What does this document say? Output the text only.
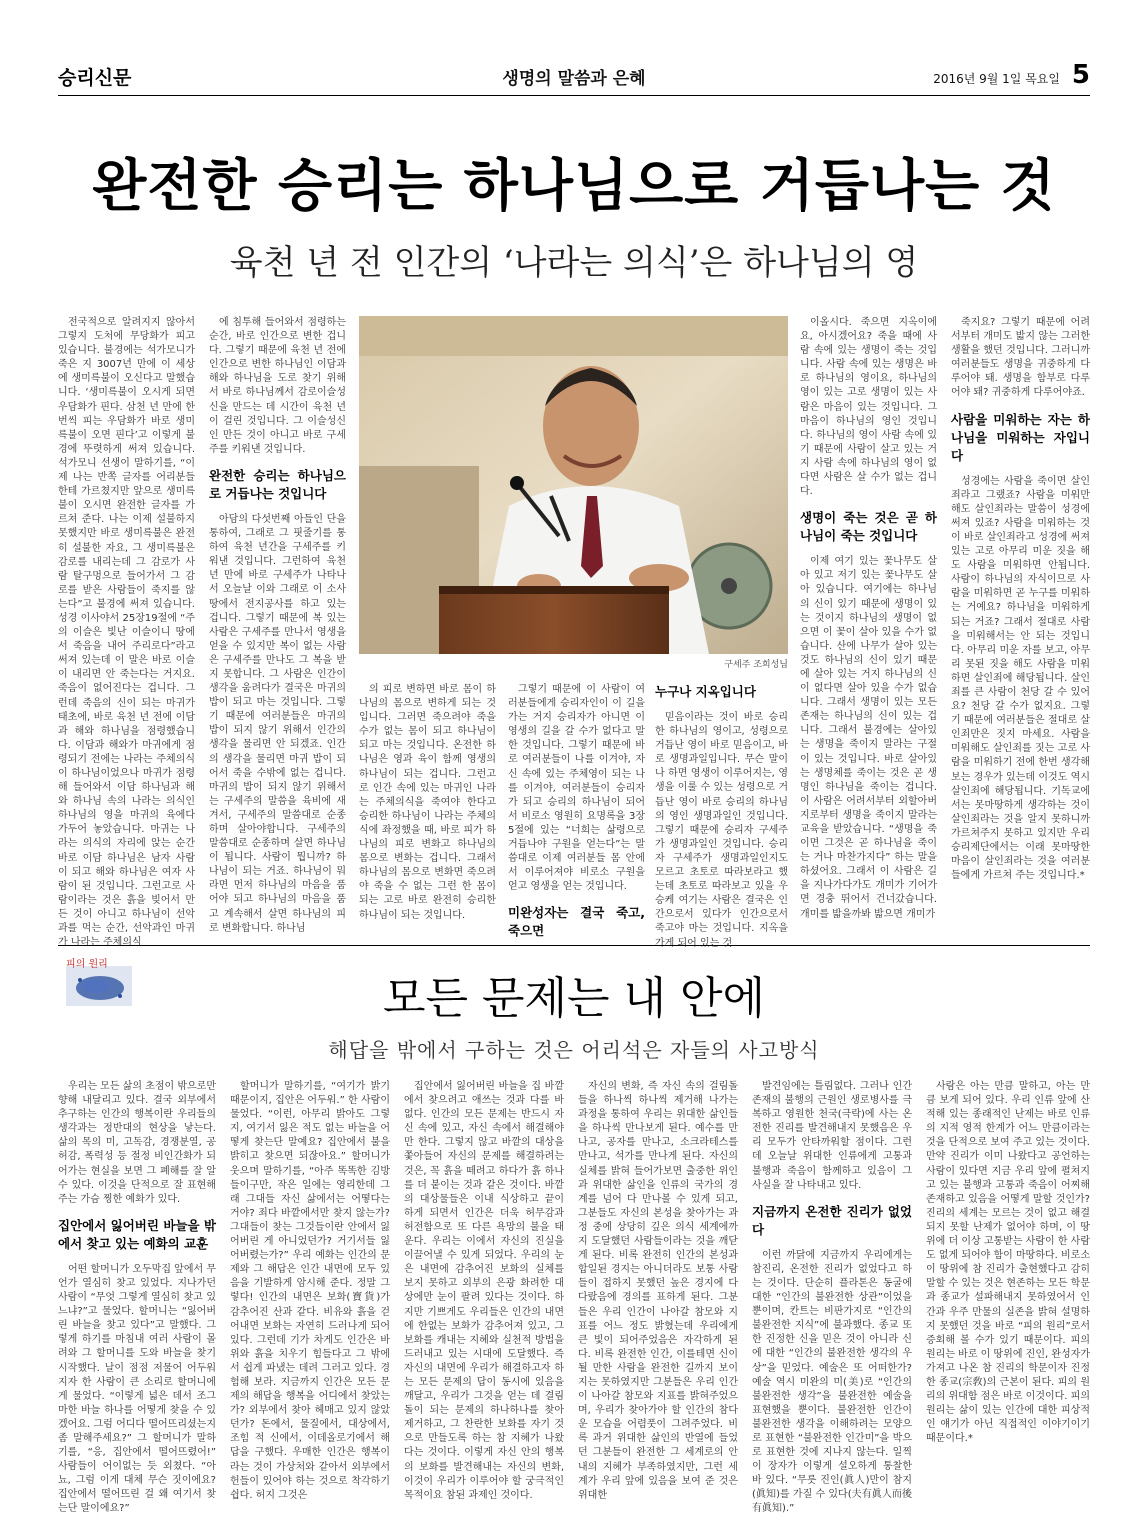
승리신문	생명의 말씀과 은혜	2016년 9월 1일 목요일 5
완전한 승리는 하나님으로 거듭나는 것
육천 년 전 인간의 ‘나라는 의식’은 하나님의 영

전국적으로 알려지지 않아서 그렇지 도처에 무당화가 피고 있습니다. 불경에는 석가모니가 죽은 지 3007년 만에 이 세상에 생미륵불이 오신다고 말했습니다. ‘생미륵불이 오시게 되면 우담화가 핀다. 삼천 년 만에 한 번씩 피는 우담화가 바로 생미륵불이 오면 핀다’고 이렇게 불경에 뚜렷하게 써져 있습니다. 석가모니 선생이 말하기를, “이제 나는 반쪽 글자를 어리분들한테 가르쳤지만 앞으로 생미륵불이 오시면 완전한 글자를 가르쳐 준다. 나는 이제 설불하지 못했지만 바로 생미륵불은 완전히 설불한 자요, 그 생미륵불은 감로를 내리는데 그 감로가 사람 탈구멍으로 들어가서 그 감로를 받은 사람들이 죽지를 않는다”고 불경에 써져 있습니다. 성경 이사야서 25장19절에 “주의 이슬은 빛난 이슬이니 땅에서 죽음을 내어 주리로다”라고 써져 있는데 이 말은 바로 이슬이 내리면 안 죽는다는 거지요. 죽음이 없어진다는 겁니다. 그런데 죽음의 신이 되는 마귀가 태초에, 바로 육천 년 전에 이담과 해와 하나님을 점령했습니다. 이담과 해와가 마귀에게 점령되기 전에는 나라는 주체의식이 하나님이었으나 마귀가 점령해 들어와서 이담 하나님과 해와 하나님 속의 나라는 의식인 하나님의 영을 마귀의 육에다 가두어 놓았습니다. 마귀는 나라는 의식의 자리에 앉는 순간 바로 이담 하나님은 남자 사람이 되고 해와 하나님은 여자 사람이 된 것입니다. 그런고로 사람이라는 것은 흙을 빚어서 만든 것이 아니고 하나님이 선악과를 먹는 순간, 선악과인 마귀가 나라는 주체의식

에 침투해 들어와서 점령하는 순간, 바로 인간으로 변한 겁니다. 그렇기 때문에 육천 년 전에 인간으로 변한 하나님인 이담과 해와 하나님을 도로 찾기 위해서 바로 하나님께서 감로이슬성신을 만드는 데 시간이 육천 년이 걸린 것입니다. 그 이슬성신인 만든 것이 아니고 바로 구세주를 키워낸 것입니다.

완전한 승리는 하나님으로 거듭나는 것입니다

아담의 다섯번째 아들인 단을 통하여, 그래로 그 핏줄기를 통하여 육천 년간을 구세주를 키워낸 것입니다. 그런하여 육천 년 만에 바로 구세주가 나타나서 오늘날 이와 그래로 이 소사 땅에서 전지공사를 하고 있는 겁니다. 그렇기 때문에 복 있는 사람은 구세주를 만나서 영생을 얻을 수 있지만 복이 없는 사람은 구세주를 만나도 그 복을 받지 못합니다. 그 사람은 인간이 생각을 움려다가 결국은 마귀의 밥이 되고 마는 것입니다. 그렇기 때문에 여러분들은 마귀의 밥이 되지 않기 위해서 인간의 생각을 물리면 안 되겠죠. 인간의 생각을 물리면 마귀 밥이 되어서 죽을 수밖에 없는 겁니다. 마귀의 밥이 되지 않기 위해서는 구세주의 말씀을 육비에 새겨서, 구세주의 말씀대로 순종하며 살아야합니다. 구세주의 말씀대로 순종하며 살면 하나님이 됩니다. 사람이 뭡니까? 하나님이 되는 거죠. 하나님이 뭐라면 먼저 하나님의 마음을 품어야 되고 하나님의 마음을 품고 계속해서 살면 하나님의 피로 변화합니다. 하나님

구세주 조희성님

의 피로 변하면 바로 몸이 하나님의 몸으로 변하게 되는 것입니다. 그러면 죽으려야 죽을 수가 없는 몸이 되고 하나님이 되고 마는 것입니다. 온전한 하나님은 영과 육이 함께 영생의 하나님이 되는 겁니다. 그런고로 인간 속에 있는 마귀인 나라는 주체의식을 죽여야 한다고 승리한 하나님이 나라는 주체의식에 좌정했을 때, 바로 피가 하나님의 피로 변화고 하나님의 몸으로 변화는 겁니다. 그래서 하나님의 몸으로 변화면 죽으려야 죽을 수 없는 그런 한 몸이 되는 고로 바로 완전히 승리한 하나님이 되는 것입니다.

그렇기 때문에 이 사람이 여러분들에게 승리자인이 이 길을 가는 거지 승리자가 아니면 이 영생의 길을 갈 수가 없다고 말한 것입니다. 그렇기 때문에 바로 여러분들이 나를 이겨야, 자신 속에 있는 주체영이 되는 나를 이겨야, 여러분들이 승리자가 되고 승리의 하나님이 되어서 비로소 영원히 요명록을 3장 5절에 있는 “너희는 삶령으로 거듭나야 구원을 얻는다”는 말씀대로 이제 여러분들 몸 안에서 이루어져야 비로소 구원을 얻고 영생을 얻는 것입니다.

미완성자는 결국 죽고, 죽으면
누구나 지옥입니다

믿음이라는 것이 바로 승리한 하나님의 영이고, 성령으로 거듭난 영이 바로 믿음이고, 바로 생명과일입니다. 무슨 말이나 하면 영생이 이루어지는, 영생을 이룰 수 있는 성령으로 거듭난 영이 바로 승리의 하나님의 영인 생명과일인 것입니다. 그렇기 때문에 승리자 구세주가 생명과일인 것입니다. 승리자 구세주가 생명과일인지도 모르고 초토로 따라보라고 했는데 초토로 따라보고 있을 우승케 여기는 사람은 결국은 인간으로서 있다가 인간으로서 죽고야 마는 것입니다. 지옥을 가게 되어 있는 것

이올시다. 죽으면 지옥이에요, 아시겠어요? 죽을 때에 사람 속에 있는 생명이 죽는 것입니다. 사람 속에 있는 생명은 바로 하나님의 영이요, 하나님의 영이 있는 고로 생명이 있는 사람은 마음이 있는 것입니다. 그 마음이 하나님의 영인 것입니다. 하나님의 영이 사람 속에 있기 때문에 사람이 살고 있는 거지 사람 속에 하나님의 영이 없다면 사람은 살 수가 없는 겁니다.

생명이 죽는 것은 곧 하나님이 죽는 것입니다

이제 여기 있는 꽃나무도 살아 있고 저기 있는 꽃나무도 살아 있습니다. 여기에는 하나님의 신이 있기 때문에 생명이 있는 것이지 하나님의 생명이 없으면 이 꽃이 살아 있을 수가 없습니다. 산에 나무가 살아 있는 것도 하나님의 신이 있기 때문에 살아 있는 거지 하나님의 신이 없다면 살아 있을 수가 없습니다. 그래서 생명이 있는 모든 존재는 하나님의 신이 있는 겁니다. 그래서 불경에는 살아있는 생명을 죽이지 말라는 구절이 있는 것입니다. 바로 살아있는 생명체를 죽이는 것은 곧 생명인 하나님을 죽이는 겁니다. 이 사람은 어려서부터 외할아버지로부터 생명을 죽이지 말라는 교육을 받았습니다. “생명을 죽이면 그것은 곧 하나님을 죽이는 거나 마찬가지다” 하는 말을 하셨어요. 그래서 이 사람은 길을 지나가다가도 개미가 기어가면 경충 뛰어서 건너갔습니다. 개미를 밟을까봐 밟으면 개미가

죽지요? 그렇기 때문에 어려서부터 개미도 밟지 않는 그러한 생활을 했던 것입니다. 그러니까 여러분들도 생명을 귀중하게 다루어야 돼. 생명을 함부로 다루어야 돼? 귀중하게 다루어야죠.

사람을 미워하는 자는 하나님을 미워하는 자입니다

성경에는 사람을 죽이면 살인죄라고 그랬죠? 사람을 미워만 해도 살인죄라는 말씀이 성경에 써져 있죠? 사람을 미워하는 것이 바로 살인죄라고 성경에 써져 있는 고로 아무리 미운 짓을 해도 사람을 미워하면 안됩니다. 사람이 하나님의 자식이므로 사람을 미워하면 곧 누구를 미워하는 거예요? 하나님을 미워하게 되는 거죠? 그래서 절대로 사람을 미워해서는 안 되는 것입니다. 아무리 미운 자를 보고, 아무리 못된 짓을 해도 사람을 미워하면 살인죄에 해당됩니다. 살인죄를 큰 사람이 천당 갈 수 있어요? 천당 갈 수가 없지요. 그렇기 때문에 여러분들은 절대로 살인죄만은 짓지 마세요. 사람을 미워해도 살인죄를 짓는 고로 사람을 미워하기 전에 한번 생각해보는 경우가 있는데 이것도 역시 살인죄에 해당됩니다. 기독교에서는 못마땅하게 생각하는 것이 살인죄라는 것을 알지 못하니까 가르쳐주지 못하고 있지만 우리 승리제단에서는 이래 못마땅한 마음이 살인죄라는 것을 여러분들에게 가르쳐 주는 것입니다.*

피의 원리
모든 문제는 내 안에
해답을 밖에서 구하는 것은 어리석은 자들의 사고방식

우리는 모든 삶의 초점이 밖으로만 향해 내달리고 있다. 결국 외부에서 추구하는 인간의 행복이란 우리들의 생각과는 정반대의 현상을 낳는다. 삶의 목의 미, 고독감, 경쟁분열, 공허감, 폭력성 등 절정 비인간화가 되어가는 현실을 보면 그 폐해를 잘 알 수 있다. 이것을 단적으로 잘 표현해주는 가슴 찡한 예화가 있다.

집안에서 잃어버린 바늘을 밖에서 찾고 있는 예화의 교훈

어떤 할머니가 오두막집 앞에서 무언가 열심히 찾고 있었다. 지나가던 사람이 “무엇 그렇게 열심히 찾고 있느냐?”고 물었다. 할머니는 “잃어버린 바늘을 찾고 있다”고 말했다. 그렇게 하기를 마침내 여러 사람이 몰려와 그 할머니를 도와 바늘을 찾기 시작했다. 날이 점점 저물어 어두워지자 한 사람이 큰 소리로 할머니에게 물었다. “이렇게 넓은 데서 조그마한 바늘 하나를 어떻게 찾을 수 있겠어요. 그럼 어디다 떨어뜨리셨는지 좀 말해주세요?” 그 할머니가 말하기를, “응, 집안에서 떨어뜨렸어!” 사람들이 어이없는 듯 외쳤다. “아뇨, 그럼 이게 대체 무슨 짓이에요? 집안에서 떨어뜨린 걸 왜 여기서 찾는단 말이에요?”

할머니가 말하기를, “여기가 밝기 때문이지, 집안은 어두워.” 한 사람이 물었다. “이런, 아무리 밝아도 그렇지, 여기서 잃은 적도 없는 바늘을 어떻게 찾는단 말예요? 집안에서 불을 밝히고 찾으면 되잖아요.” 할머니가 웃으며 말하기를, “아주 똑똑한 김방들이구만, 작은 일에는 영리한데 그래 그대들 자신 삶에서는 어떻다는 거야? 죄다 바깥에서만 찾지 않는가? 그대들이 찾는 그것들이란 안에서 잃어버린 게 아니었던가? 거기서들 잃어버렸는가?” 우리 예화는 인간의 문제와 그 해답은 인간 내면에 모두 있음을 기발하게 암시해 준다. 정말 그렇다! 인간의 내면은 보화(寶貨)가 감추어진 산과 같다. 비유와 흙을 걷어내면 보화는 자연히 드러나게 되어 있다. 그런데 기가 차게도 인간은 바위와 흙을 치우기 힘들다고 그 밖에서 쉽게 파냈는 데려 그러고 있다. 경험해 보라. 지금까지 인간은 모든 문제의 해답을 행복을 어디에서 찾았는가? 외부에서 찾아 헤매고 있지 않았던가? 돈에서, 물질에서, 대상에서, 조힘 적 신에서, 이데올로기에서 해답을 구했다. 우매한 인간은 행복이라는 것이 가상처와 같아서 외부에서 헌들이 있어야 하는 것으로 착각하기 쉽다. 허지 그것은

집안에서 잃어버린 바늘을 집 바깥에서 찾으려고 애쓰는 것과 다를 바 없다. 인간의 모든 문제는 반드시 자신 속에 있고, 자신 속에서 해결해야만 한다. 그렇지 않고 바깥의 대상을 쫓아들어 자신의 문제를 해결하려는 것은, 꼭 흙을 떼려고 하다가 흙 하나를 더 붙이는 것과 같은 것이다. 바깥의 대상물들은 이내 식상하고 끝이 하게 되면서 인간은 더욱 허무감과 허전함으로 또 다른 욕망의 불을 태운다. 우리는 이에서 자신의 진실을 이끌어낼 수 있게 되었다. 우리의 눈은 내면에 감추어진 보화의 실체를 보지 못하고 외부의 은광 화려한 대상에만 눈이 팔려 있다는 것이다. 하지만 기쁘게도 우리들은 인간의 내면에 한없는 보화가 감추어져 있고, 그 보화를 캐내는 지혜와 실천적 방법을 드러내고 있는 시대에 도달했다. 즉 자신의 내면에 우리가 해결하고자 하는 모든 문제의 답이 동시에 있음을 깨달고, 우리가 그것을 얻는 데 결림돌이 되는 문제의 하나하나를 찾아 제거하고, 그 찬란한 보화를 자기 것으로 만들도록 하는 참 지혜가 나왔다는 것이다. 이렇게 자신 안의 행복의 보화를 발견해내는 자신의 변화, 이것이 우리가 이루어야 할 궁극적인 목적이요 참된 과제인 것이다.

자신의 변화, 즉 자신 속의 걸림돌들을 하나씩 하나씩 제거해 나가는 과정을 통하여 우리는 위대한 삶인들을 하나씩 만나보게 된다. 예수를 만나고, 공자를 만나고, 소크라테스를 만나고, 석가를 만나게 된다. 자신의 실체를 밝혀 들어가보면 출중한 위인과 위대한 삶인을 인류의 국가의 경계를 넘어 다 만나볼 수 있게 되고, 그분들도 자신의 본성을 찾아가는 과정 중에 상당히 깊은 의식 세계에까지 도달했던 사람들이라는 것을 깨닫게 된다. 비록 완전히 인간의 본성과 합일된 경지는 아니더라도 보통 사람들이 접하지 못했던 높은 경지에 다다랐음에 경의를 표하게 된다. 그분들은 우리 인간이 나아갈 참모와 지표를 어느 정도 밝혔는데 우리에게 큰 빛이 되어주었음은 자각하게 된다. 비록 완전한 인간, 이를테면 신이 될 만한 사람을 완전한 길까지 보이지는 못하였지만 그분들은 우리 인간이 나아갈 참모와 지표를 밝혀주었으며, 우리가 찾아가야 할 인간의 참다운 모습을 어렴풋이 그려주었다. 비록 과거 위대한 삶인의 반열에 들었던 그분들이 완전한 그 세계로의 안내의 지혜가 부족하였지만, 그런 세계가 우리 앞에 있음을 보여 준 것은 위대한

발견임에는 틀림없다. 그러나 인간 존재의 불행의 근원인 생로병사를 극복하고 영원한 천국(극락)에 사는 온전한 진리를 발견해내지 못했음은 우리 모두가 안타까워할 점이다. 그런데 오늘날 위대한 인류에게 고통과 불행과 죽음이 함께하고 있음이 그 사실을 잘 나타내고 있다.

지금까지 온전한 진리가 없었다

이런 까닭에 지금까지 우리에게는 참진리, 온전한 진리가 없었다고 하는 것이다. 단순히 플라톤은 동굴에 대한 “인간의 불완전한 상관”이었을 뿐이며, 칸트는 비판가지로 “인간의 불완전한 지식”에 불과했다. 종교 또한 진정한 신을 믿은 것이 아니라 신에 대한 “인간의 불완전한 생각의 우상”을 믿었다. 예술은 또 어떠한가? 예술 역시 미완의 미(美)로 “인간의 불완전한 생각”을 불완전한 예술을 표현했을 뿐이다. 불완전한 인간이 불완전한 생각을 이해하려는 모양으로 표현한 “불완전한 인간미”을 박으로 표현한 것에 지나지 않는다. 일찍이 장자가 이렇게 설오하게 통찰한 바 있다. “무릇 진인(眞人)만이 참지(眞知)를 가질 수 있다(夫有眞人而後有眞知).”

사람은 아는 만큼 말하고, 아는 만큼 보게 되어 있다. 우리 인류 앞에 산적해 있는 종래적인 난제는 바로 인류의 지적 영적 한계가 어느 만큼이라는 것을 단적으로 보여 주고 있는 것이다. 만약 진리가 이미 나왔다고 공언하는 사람이 있다면 지금 우리 앞에 펼쳐지고 있는 불행과 고통과 죽음이 어찌해 존재하고 있음을 어떻게 말할 것인가? 진리의 세계는 모르는 것이 없고 해결되지 못할 난제가 없어야 하며, 이 땅위에 더 이상 고통받는 사람이 한 사람도 없게 되어야 함이 마땅하다. 비로소 이 땅위에 참 진리가 출현했다고 감히 말할 수 있는 것은 현존하는 모든 학문과 종교가 설파해내지 못하였어서 인간과 우주 만물의 실존을 밝혀 설명하지 못했던 것을 바로 “피의 원리”로서 증회해 볼 수가 있기 때문이다. 피의 원리는 바로 이 땅위에 진인, 완성자가 가져고 나온 참 진리의 학문이자 진정한 종교(宗敎)의 근본이 된다. 피의 원리의 위대함 점은 바로 이것이다. 피의 원리는 삶이 있는 인간에 대한 피상적인 얘기가 아닌 직접적인 이야기이기 때문이다.*
